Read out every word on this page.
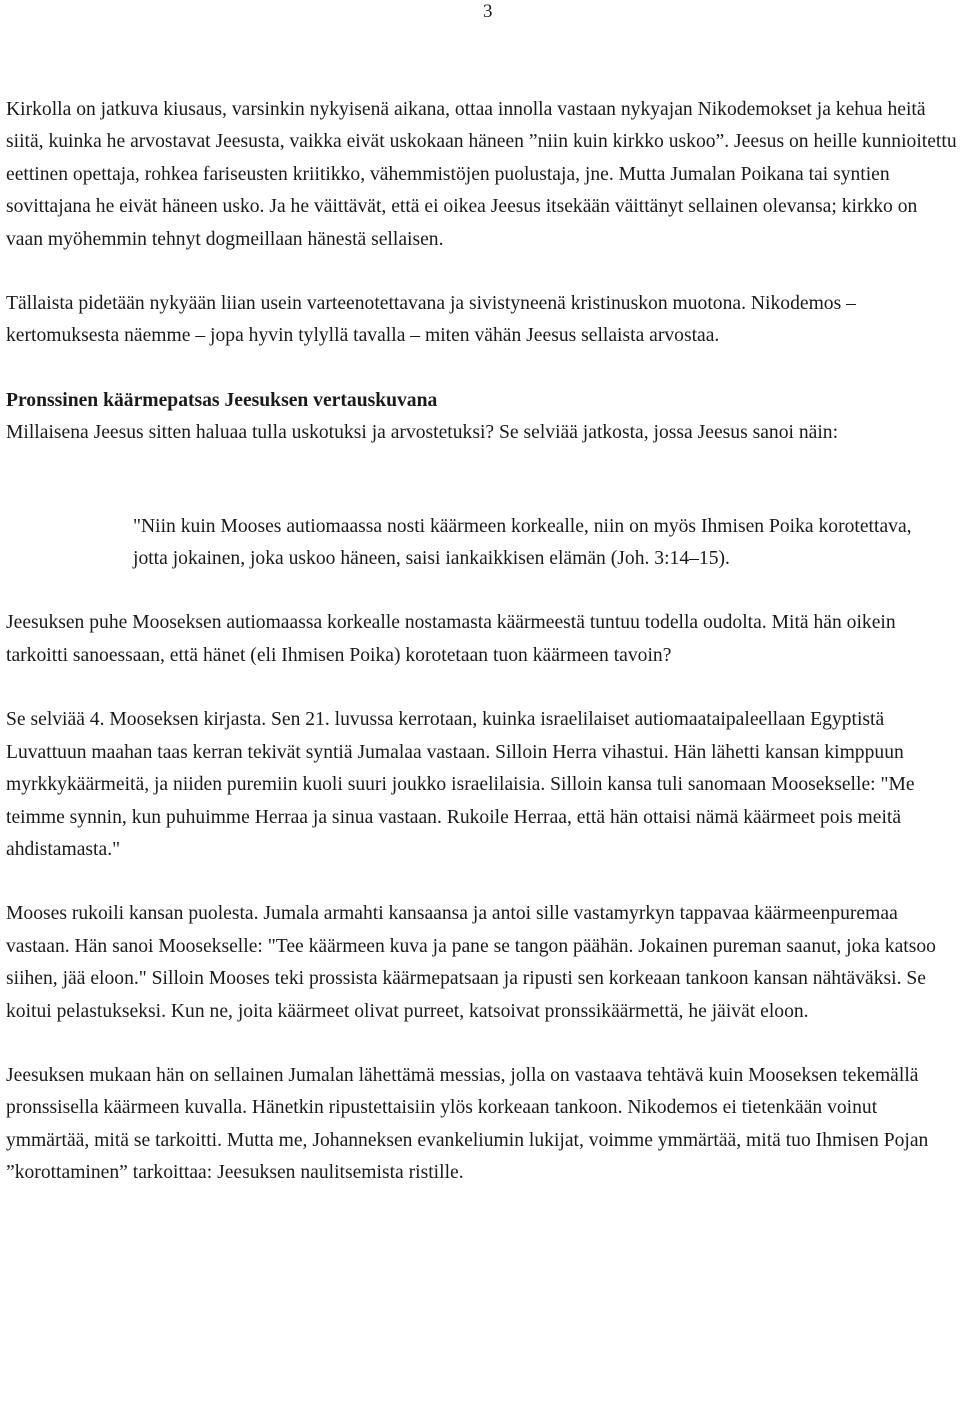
3

Kirkolla on jatkuva kiusaus, varsinkin nykyisenä aikana, ottaa innolla vastaan nykyajan Nikodemokset ja kehua heitä siitä, kuinka he arvostavat Jeesusta, vaikka eivät uskokaan häneen ”niin kuin kirkko uskoo”. Jeesus on heille kunnioitettu eettinen opettaja, rohkea fariseusten kriitikko, vähemmistöjen puolustaja, jne. Mutta Jumalan Poikana tai syntien sovittajana he eivät häneen usko. Ja he väittävät, että ei oikea Jeesus itsekään väittänyt sellainen olevansa; kirkko on vaan myöhemmin tehnyt dogmeillaan hänestä sellaisen.

Tällaista pidetään nykyään liian usein varteenotettavana ja sivistyneenä kristinuskon muotona. Nikodemos –kertomuksesta näemme – jopa hyvin tylyllä tavalla – miten vähän Jeesus sellaista arvostaa.

Pronssinen käärmepatsas Jeesuksen vertauskuvana

Millaisena Jeesus sitten haluaa tulla uskotuksi ja arvostetuksi? Se selviää jatkosta, jossa Jeesus sanoi näin:

"Niin kuin Mooses autiomaassa nosti käärmeen korkealle, niin on myös Ihmisen Poika korotettava, jotta jokainen, joka uskoo häneen, saisi iankaikkisen elämän (Joh. 3:14–15).

Jeesuksen puhe Mooseksen autiomaassa korkealle nostamasta käärmeestä tuntuu todella oudolta. Mitä hän oikein tarkoitti sanoessaan, että hänet (eli Ihmisen Poika) korotetaan tuon käärmeen tavoin?

Se selviää 4. Mooseksen kirjasta. Sen 21. luvussa kerrotaan, kuinka israelilaiset autiomaataipaleellaan Egyptistä Luvattuun maahan taas kerran tekivät syntiä Jumalaa vastaan. Silloin Herra vihastui. Hän lähetti kansan kimppuun myrkkykäärmeitä, ja niiden puremiin kuoli suuri joukko israelilaisia. Silloin kansa tuli sanomaan Moosekselle: "Me teimme synnin, kun puhuimme Herraa ja sinua vastaan. Rukoile Herraa, että hän ottaisi nämä käärmeet pois meitä ahdistamasta."

Mooses rukoili kansan puolesta. Jumala armahti kansaansa ja antoi sille vastamyrkyn tappavaa käärmeenpuremaa vastaan. Hän sanoi Moosekselle: "Tee käärmeen kuva ja pane se tangon päähän. Jokainen pureman saanut, joka katsoo siihen, jää eloon." Silloin Mooses teki prossista käärmepatsaan ja ripusti sen korkeaan tankoon kansan nähtäväksi. Se koitui pelastukseksi. Kun ne, joita käärmeet olivat purreet, katsoivat pronssikäärmettä, he jäivät eloon.

Jeesuksen mukaan hän on sellainen Jumalan lähettämä messias, jolla on vastaava tehtävä kuin Mooseksen tekemällä pronssisella käärmeen kuvalla. Hänetkin ripustettaisiin ylös korkeaan tankoon. Nikodemos ei tietenkään voinut ymmärtää, mitä se tarkoitti. Mutta me, Johanneksen evankeliumin lukijat, voimme ymmärtää, mitä tuo Ihmisen Pojan ”korottaminen” tarkoittaa: Jeesuksen naulitsemista ristille.
